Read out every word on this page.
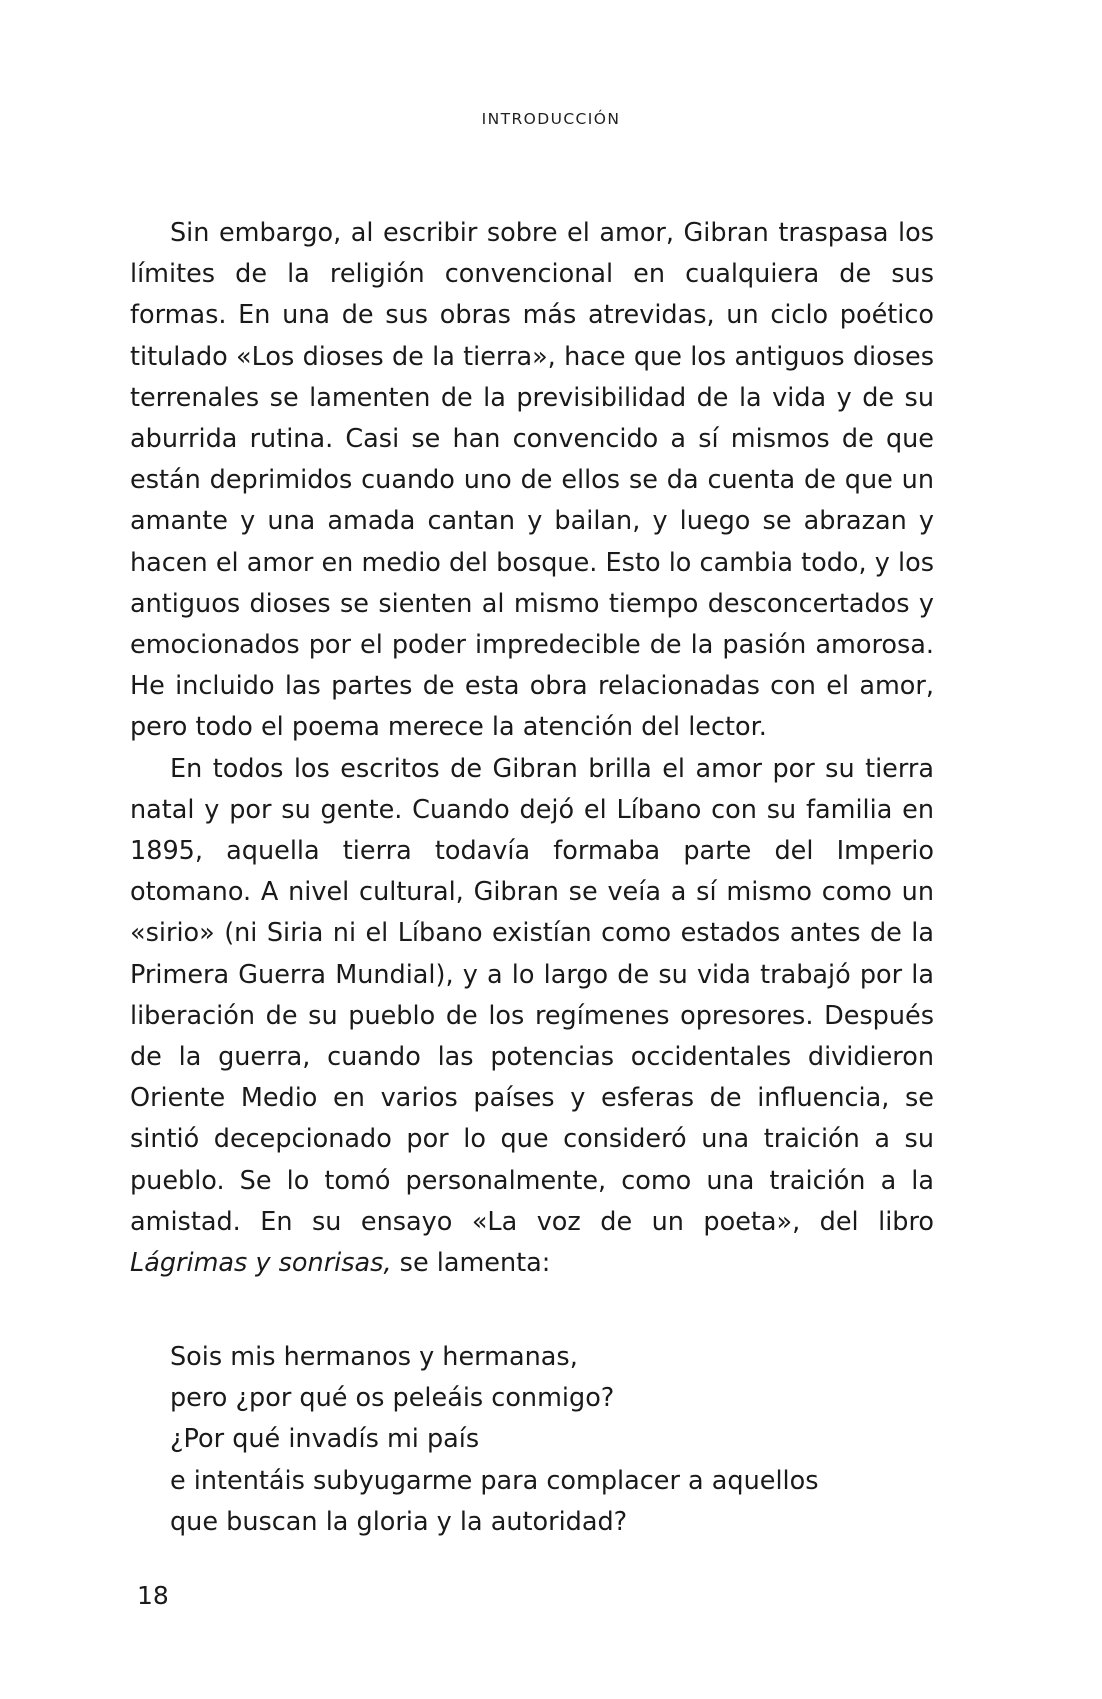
INTRODUCCIÓN

Sin embargo, al escribir sobre el amor, Gibran traspasa los límites de la religión convencional en cualquiera de sus formas. En una de sus obras más atrevidas, un ciclo poético titulado «Los dioses de la tierra», hace que los antiguos dioses terrenales se lamenten de la previsibilidad de la vida y de su aburrida rutina. Casi se han convencido a sí mismos de que están deprimidos cuando uno de ellos se da cuenta de que un amante y una amada cantan y bailan, y luego se abrazan y hacen el amor en medio del bosque. Esto lo cambia todo, y los antiguos dioses se sienten al mismo tiempo desconcertados y emocionados por el poder impredecible de la pasión amorosa. He incluido las partes de esta obra relacionadas con el amor, pero todo el poema merece la atención del lector.

En todos los escritos de Gibran brilla el amor por su tierra natal y por su gente. Cuando dejó el Líbano con su familia en 1895, aquella tierra todavía formaba parte del Imperio otomano. A nivel cultural, Gibran se veía a sí mismo como un «sirio» (ni Siria ni el Líbano existían como estados antes de la Primera Guerra Mundial), y a lo largo de su vida trabajó por la liberación de su pueblo de los regímenes opresores. Después de la guerra, cuando las potencias occidentales dividieron Oriente Medio en varios países y esferas de influencia, se sintió decepcionado por lo que consideró una traición a su pueblo. Se lo tomó personalmente, como una traición a la amistad. En su ensayo «La voz de un poeta», del libro Lágrimas y sonrisas, se lamenta:

Sois mis hermanos y hermanas,
pero ¿por qué os peleáis conmigo?
¿Por qué invadís mi país
e intentáis subyugarme para complacer a aquellos
que buscan la gloria y la autoridad?

18
